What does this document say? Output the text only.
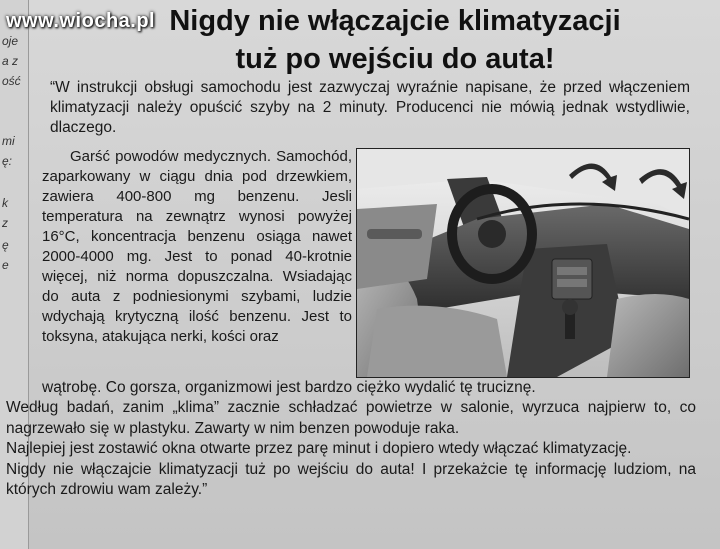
oje
a z
ość
mi
ę:
k
z
ę
e
Nigdy nie włączajcie klimatyzacji
tuż po wejściu do auta!
www.wiocha.pl
“W instrukcji obsługi samochodu jest zazwyczaj wyraźnie napisane, że przed włączeniem klimatyzacji należy opuścić szyby na 2 minuty. Producenci nie mówią jednak wstydliwie, dlaczego.

Garść powodów medycznych. Samochód, zaparkowany w ciągu dnia pod drzewkiem, zawiera 400-800 mg benzenu. Jesli temperatura na zewnątrz wynosi powyżej 16°C, koncentracja benzenu osiąga nawet 2000-4000 mg. Jest to ponad 40-krotnie więcej, niż norma dopuszczalna. Wsiadając do auta z podniesionymi szybami, ludzie wdychają krytyczną ilość benzenu. Jest to toksyna, atakująca nerki, kości oraz

wątrobę. Co gorsza, organizmowi jest bardzo ciężko wydalić tę truciznę.

Według badań, zanim „klima” zacznie schładzać powietrze w salonie, wyrzuca najpierw to, co nagrzewało się w plastyku. Zawarty w nim benzen powoduje raka.

Najlepiej jest zostawić okna otwarte przez parę minut i dopiero wtedy włączać klimatyzację.

Nigdy nie włączajcie klimatyzacji tuż po wejściu do auta! I przekażcie tę informację ludziom, na których zdrowiu wam zależy.”
